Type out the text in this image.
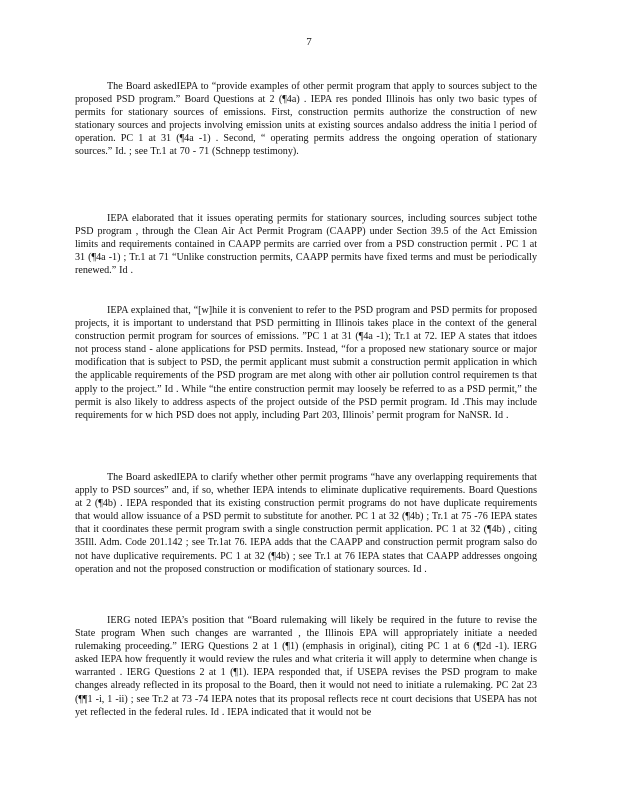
7

The Board askedIEPA to “provide examples of other permit program that apply to sources subject to the proposed PSD program.” Board Questions at 2 (¶4a) . IEPA res ponded Illinois has only two basic types of permits for stationary sources of emissions. First, construction permits authorize the construction of new stationary sources and projects involving emission units at existing sources andalso address the initia l period of operation. PC 1 at 31 (¶4a -1) . Second, “ operating permits address the ongoing operation of stationary sources.” Id. ; see Tr.1 at 70 - 71 (Schnepp testimony).

IEPA elaborated that it issues operating permits for stationary sources, including sources subject tothe PSD program , through the Clean Air Act Permit Program (CAAPP) under Section 39.5 of the Act Emission limits and requirements contained in CAAPP permits are carried over from a PSD construction permit . PC 1 at 31 (¶4a -1) ; Tr.1 at 71 “Unlike construction permits, CAAPP permits have fixed terms and must be periodically renewed.” Id .

IEPA explained that, “[w]hile it is convenient to refer to the PSD program and PSD permits for proposed projects, it is important to understand that PSD permitting in Illinois takes place in the context of the general construction permit program for sources of emissions. ”PC 1 at 31 (¶4a -1); Tr.1 at 72. IEP A states that itdoes not process stand - alone applications for PSD permits. Instead, “for a proposed new stationary source or major modification that is subject to PSD, the permit applicant must submit a construction permit application in which the applicable requirements of the PSD program are met along with other air pollution control requiremen ts that apply to the project.” Id . While “the entire construction permit may loosely be referred to as a PSD permit,” the permit is also likely to address aspects of the project outside of the PSD permit program. Id .This may include requirements for w hich PSD does not apply, including Part 203, Illinois’ permit program for NaNSR. Id .

The Board askedIEPA to clarify whether other permit programs “have any overlapping requirements that apply to PSD sources” and, if so, whether IEPA intends to eliminate duplicative requirements. Board Questions at 2 (¶4b) . IEPA responded that its existing construction permit programs do not have duplicate requirements that would allow issuance of a PSD permit to substitute for another. PC 1 at 32 (¶4b) ; Tr.1 at 75 -76 IEPA states that it coordinates these permit program swith a single construction permit application. PC 1 at 32 (¶4b) , citing 35Ill. Adm. Code 201.142 ; see Tr.1at 76. IEPA adds that the CAAPP and construction permit program salso do not have duplicative requirements. PC 1 at 32 (¶4b) ; see Tr.1 at 76 IEPA states that CAAPP addresses ongoing operation and not the proposed construction or modification of stationary sources. Id .

IERG noted IEPA’s position that “Board rulemaking will likely be required in the future to revise the State program When such changes are warranted , the Illinois EPA will appropriately initiate a needed rulemaking proceeding.” IERG Questions 2 at 1 (¶1) (emphasis in original), citing PC 1 at 6 (¶2d -1). IERG asked IEPA how frequently it would review the rules and what criteria it will apply to determine when change is warranted . IERG Questions 2 at 1 (¶1). IEPA responded that, if USEPA revises the PSD program to make changes already reflected in its proposal to the Board, then it would not need to initiate a rulemaking. PC 2at 23 (¶¶1 -i, 1 -ii) ; see Tr.2 at 73 -74 IEPA notes that its proposal reflects rece nt court decisions that USEPA has not yet reflected in the federal rules. Id . IEPA indicated that it would not be
